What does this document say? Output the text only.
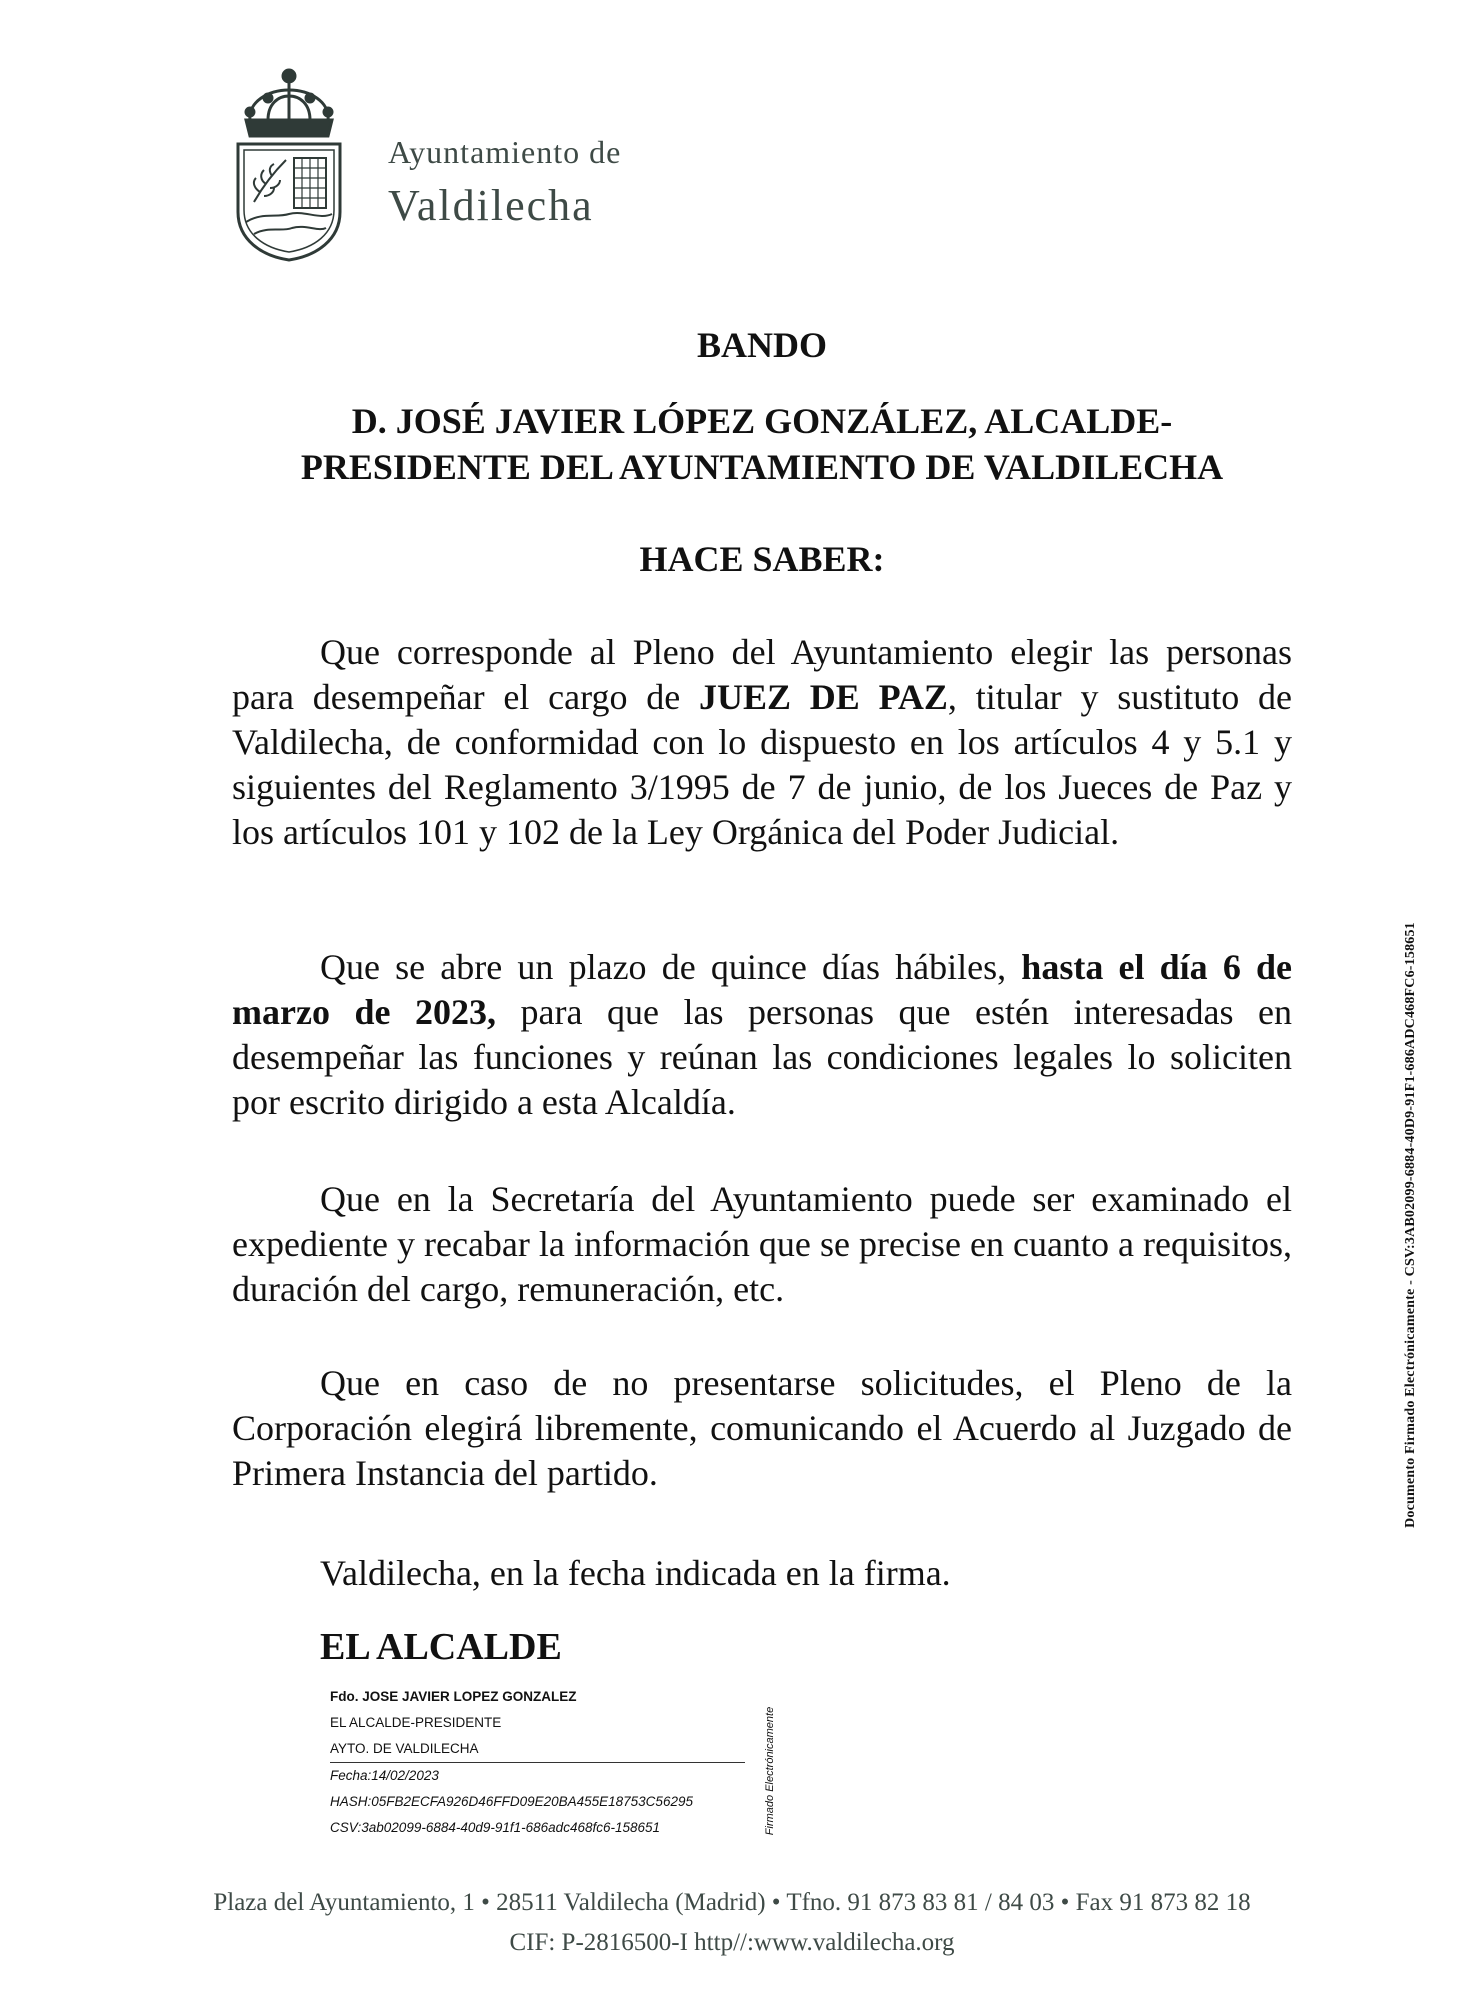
Ayuntamiento de
Valdilecha
BANDO
D. JOSÉ JAVIER LÓPEZ GONZÁLEZ, ALCALDE-
PRESIDENTE DEL AYUNTAMIENTO DE VALDILECHA
HACE SABER:

Que corresponde al Pleno del Ayuntamiento elegir las personas para desempeñar el cargo de JUEZ DE PAZ, titular y sustituto de Valdilecha, de conformidad con lo dispuesto en los artículos 4 y 5.1 y siguientes del Reglamento 3/1995 de 7 de junio, de los Jueces de Paz y los artículos 101 y 102 de la Ley Orgánica del Poder Judicial.

Que se abre un plazo de quince días hábiles, hasta el día 6 de marzo de 2023, para que las personas que estén interesadas en desempeñar las funciones y reúnan las condiciones legales lo soliciten por escrito dirigido a esta Alcaldía.

Que en la Secretaría del Ayuntamiento puede ser examinado el expediente y recabar la información que se precise en cuanto a requisitos, duración del cargo, remuneración, etc.

Que en caso de no presentarse solicitudes, el Pleno de la Corporación elegirá libremente, comunicando el Acuerdo al Juzgado de Primera Instancia del partido.

Valdilecha, en la fecha indicada en la firma.

EL ALCALDE
Fdo. JOSE JAVIER LOPEZ GONZALEZ
EL ALCALDE-PRESIDENTE
AYTO. DE VALDILECHA
Fecha:14/02/2023
HASH:05FB2ECFA926D46FFD09E20BA455E18753C56295
CSV:3ab02099-6884-40d9-91f1-686adc468fc6-158651	Firmado Electrónicamente
Documento Firmado Electrónicamente - CSV:3AB02099-6884-40D9-91F1-686ADC468FC6-158651
Plaza del Ayuntamiento, 1 • 28511 Valdilecha (Madrid) • Tfno. 91 873 83 81 / 84 03 • Fax 91 873 82 18
CIF: P-2816500-I http//:www.valdilecha.org
